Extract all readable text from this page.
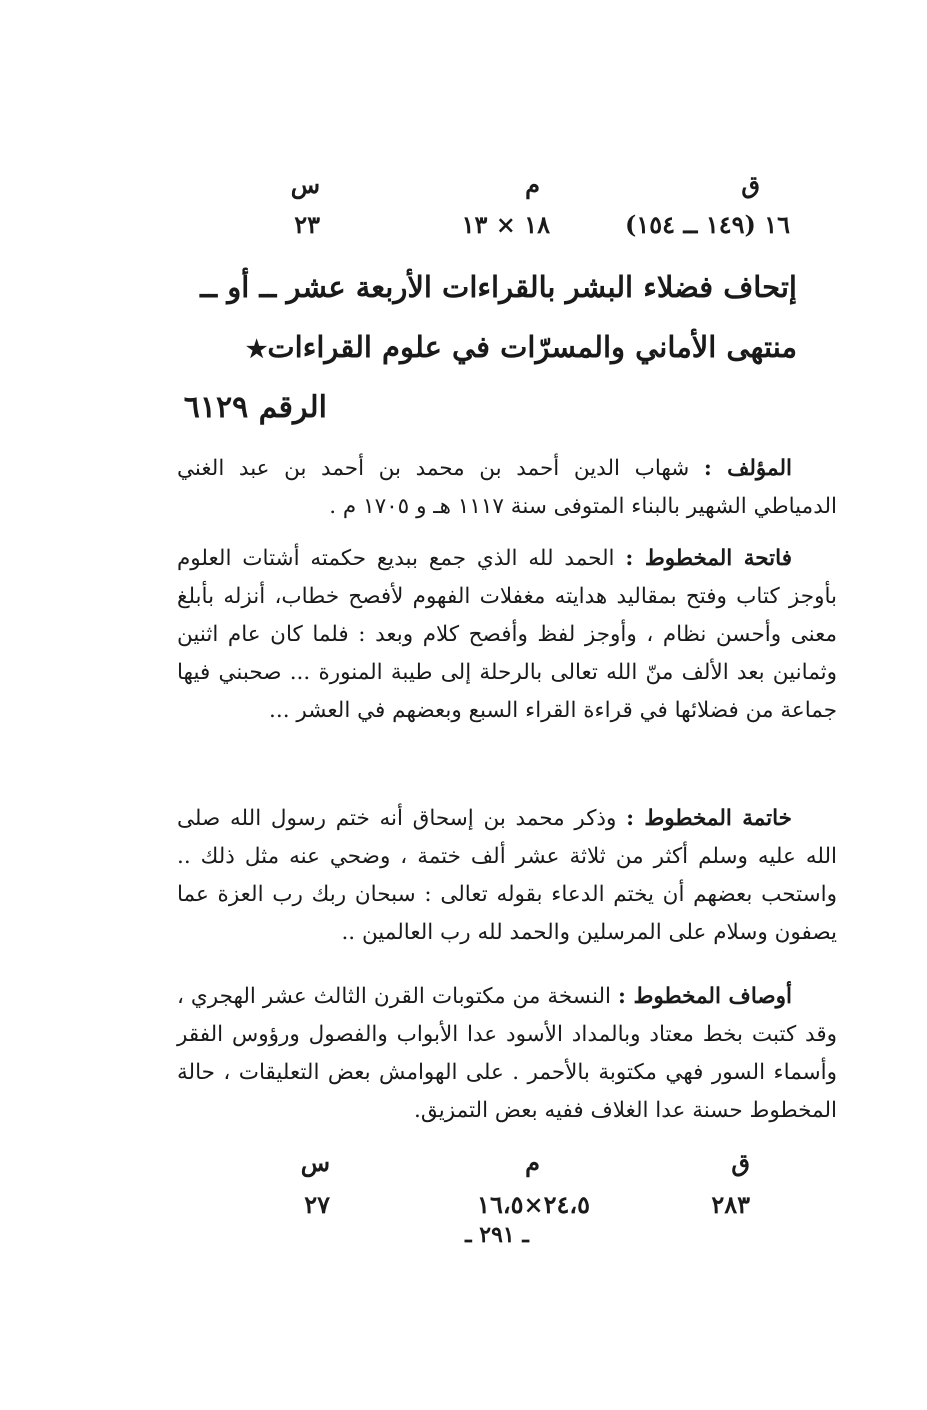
ق
م
س
١٦ (١٤٩ ــ ١٥٤)
١٨ × ١٣
٢٣
إتحاف فضلاء البشر بالقراءات الأربعة عشر ــ أو ــ
منتهى الأماني والمسرّات في علوم القراءات★
الرقم ٦١٢٩
المؤلف : شهاب الدين أحمد بن محمد بن أحمد بن عبد الغني الدمياطي الشهير بالبناء المتوفى سنة ١١١٧ هـ و ١٧٠٥ م .
فاتحة المخطوط : الحمد لله الذي جمع ببديع حكمته أشتات العلوم بأوجز كتاب وفتح بمقاليد هدايته مغفلات الفهوم لأفصح خطاب، أنزله بأبلغ معنى وأحسن نظام ، وأوجز لفظ وأفصح كلام وبعد : فلما كان عام اثنين وثمانين بعد الألف منّ الله تعالى بالرحلة إلى طيبة المنورة ... صحبني فيها جماعة من فضلائها في قراءة القراء السبع وبعضهم في العشر ...
خاتمة المخطوط : وذكر محمد بن إسحاق أنه ختم رسول الله صلى الله عليه وسلم أكثر من ثلاثة عشر ألف ختمة ، وضحي عنه مثل ذلك .. واستحب بعضهم أن يختم الدعاء بقوله تعالى : سبحان ربك رب العزة عما يصفون وسلام على المرسلين والحمد لله رب العالمين ..
أوصاف المخطوط : النسخة من مكتوبات القرن الثالث عشر الهجري ، وقد كتبت بخط معتاد وبالمداد الأسود عدا الأبواب والفصول ورؤوس الفقر وأسماء السور فهي مكتوبة بالأحمر . على الهوامش بعض التعليقات ، حالة المخطوط حسنة عدا الغلاف ففيه بعض التمزيق.
ق
م
س
٢٨٣
٢٤،٥×١٦،٥
٢٧
ـ ٢٩١ ـ
